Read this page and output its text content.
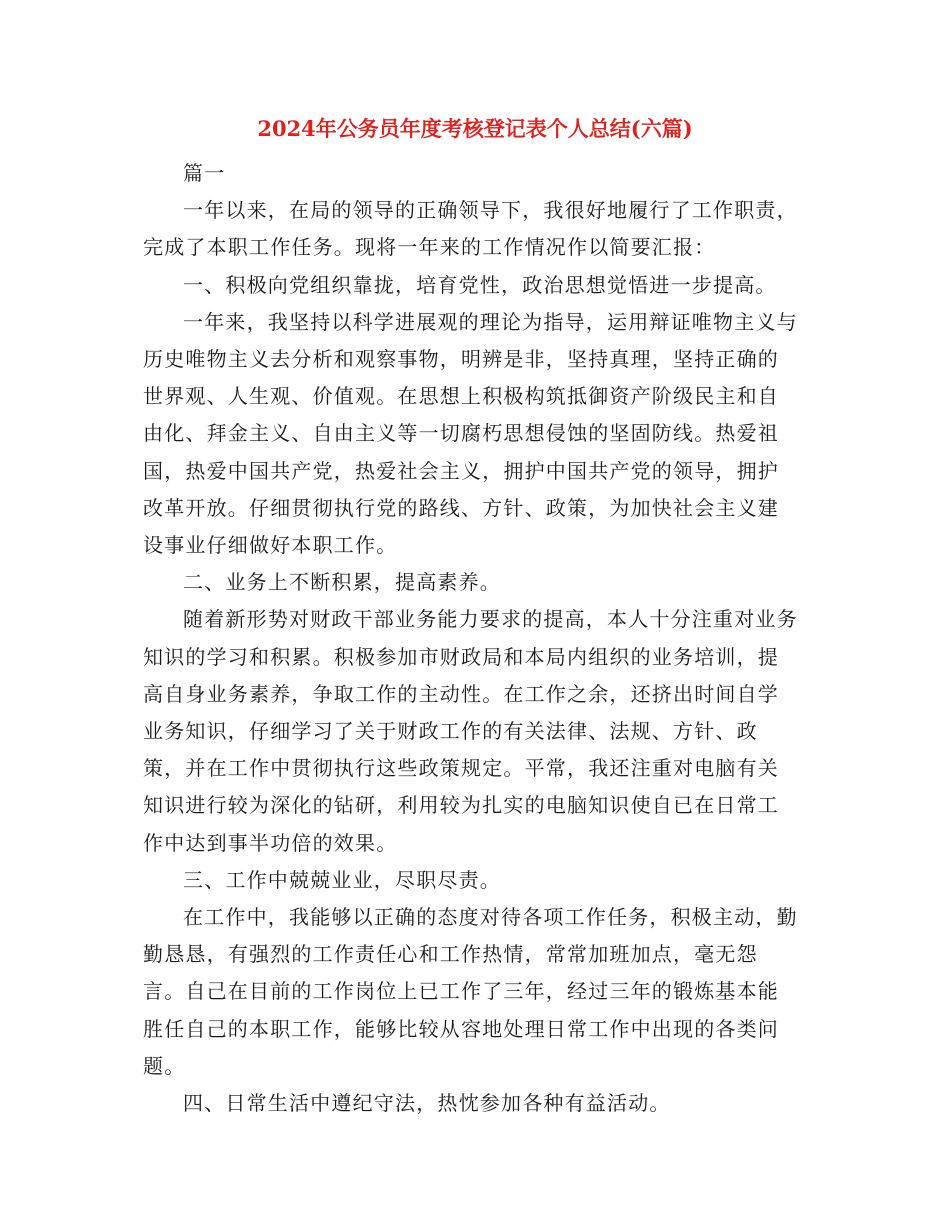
2024年公务员年度考核登记表个人总结(六篇)

篇一

一年以来，在局的领导的正确领导下，我很好地履行了工作职责，完成了本职工作任务。现将一年来的工作情况作以简要汇报：

一、积极向党组织靠拢，培育党性，政治思想觉悟进一步提高。

一年来，我坚持以科学进展观的理论为指导，运用辩证唯物主义与历史唯物主义去分析和观察事物，明辨是非，坚持真理，坚持正确的世界观、人生观、价值观。在思想上积极构筑抵御资产阶级民主和自由化、拜金主义、自由主义等一切腐朽思想侵蚀的坚固防线。热爱祖国，热爱中国共产党，热爱社会主义，拥护中国共产党的领导，拥护改革开放。仔细贯彻执行党的路线、方针、政策，为加快社会主义建设事业仔细做好本职工作。

二、业务上不断积累，提高素养。

随着新形势对财政干部业务能力要求的提高，本人十分注重对业务知识的学习和积累。积极参加市财政局和本局内组织的业务培训，提高自身业务素养，争取工作的主动性。在工作之余，还挤出时间自学业务知识，仔细学习了关于财政工作的有关法律、法规、方针、政策，并在工作中贯彻执行这些政策规定。平常，我还注重对电脑有关知识进行较为深化的钻研，利用较为扎实的电脑知识使自已在日常工作中达到事半功倍的效果。

三、工作中兢兢业业，尽职尽责。

在工作中，我能够以正确的态度对待各项工作任务，积极主动，勤勤恳恳，有强烈的工作责任心和工作热情，常常加班加点，毫无怨言。自己在目前的工作岗位上已工作了三年，经过三年的锻炼基本能胜任自己的本职工作，能够比较从容地处理日常工作中出现的各类问题。

四、日常生活中遵纪守法，热忱参加各种有益活动。
